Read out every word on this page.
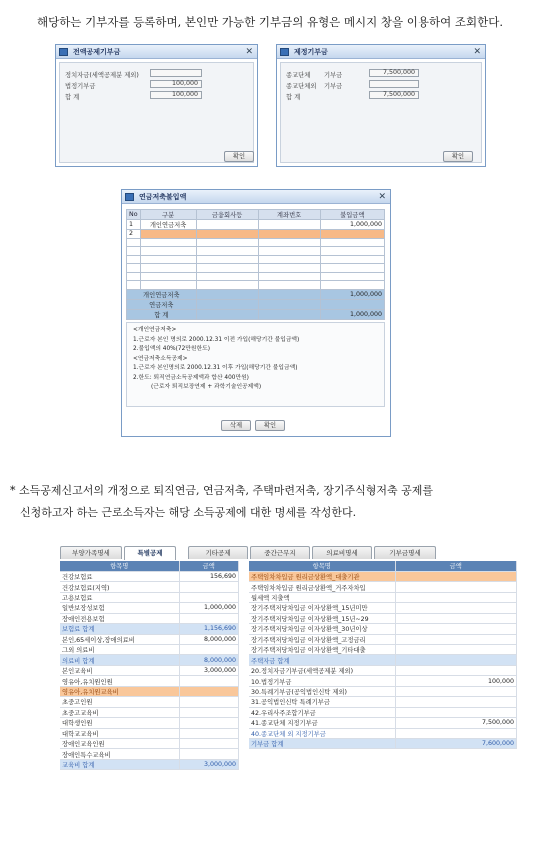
해당하는 기부자를 등록하며, 본인만 가능한 기부금의 유형은 메시지 창을 이용하여 조회한다.
전액공제기부금	✕
정치자금(세액공제분 제외)
법정기부금	100,000
합 계	100,000
확인
제정기부금	✕
종교단체 기부금	7,500,000
종교단체외 기부금
합 계	7,500,000
확인
연금저축불입액	✕
No	구분	금융회사등	계좌번호	불입금액
1	개인연금저축			1,000,000
2				

개인연금저축				1,000,000
연금저축				
합 계				1,000,000
<개인연금저축>
1.근로자 본인 명의로 2000.12.31 이전 가입(해당기간 불입금액)
2.불입액의 40%(72만원한도)
<연금저축소득공제>
1.근로자 본인명의로 2000.12.31 이후 가입(해당기간 불입금액)
2.한도: 퇴직연금소득공제액과 합산 400만원)
(근로자 퇴직보장연제 + 과학기술인공제액)
삭제	확인
* 소득공제신고서의 개정으로 퇴직연금, 연금저축, 주택마련저축, 장기주식형저축 공제를
신청하고자 하는 근로소득자는 해당 소득공제에 대한 명세를 작성한다.
부양가족명세	특별공제	기타공제	중간근무지	의료비명세	기부금명세
항목명	금액
건강보험료	156,690
건강보험료(지역)	
고용보험료	
일반보장성보험	1,000,000
장애인전용보험	
보험료 합계	1,156,690
본인,65세이상,장애의료비	8,000,000
그외 의료비	
의료비 합계	8,000,000
본인교육비	3,000,000
영유아,유치원인원	
영유아,유치원교육비	
초중고인원	
초중고교육비	
대학생인원	
대학교교육비	
장애인교육인원	
장애인특수교육비	
교육비 합계	3,000,000
항목명	금액
주택임차차입금 원리금상환액_대출기관	
주택임차차입금 원리금상환액_거주자차입	
월세액 지출액	
장기주택저당차입금 이자상환액_15년미만	
장기주택저당차입금 이자상환액_15년~29	
장기주택저당차입금 이자상환액_30년이상	
장기주택저당차입금 이자상환액_고정금리	
장기주택저당차입금 이자상환액_기타대출	
주택자금 합계	
20.정치자금기부금(세액공제분 제외)	
10.법정기부금	100,000
30.특례기부금(공익법인신탁 제외)	
31.공익법인신탁 특례기부금	
42.우리사주조합기부금	
41.종교단체 지정기부금	7,500,000
40.종교단체 외 지정기부금	
기부금 합계	7,600,000
